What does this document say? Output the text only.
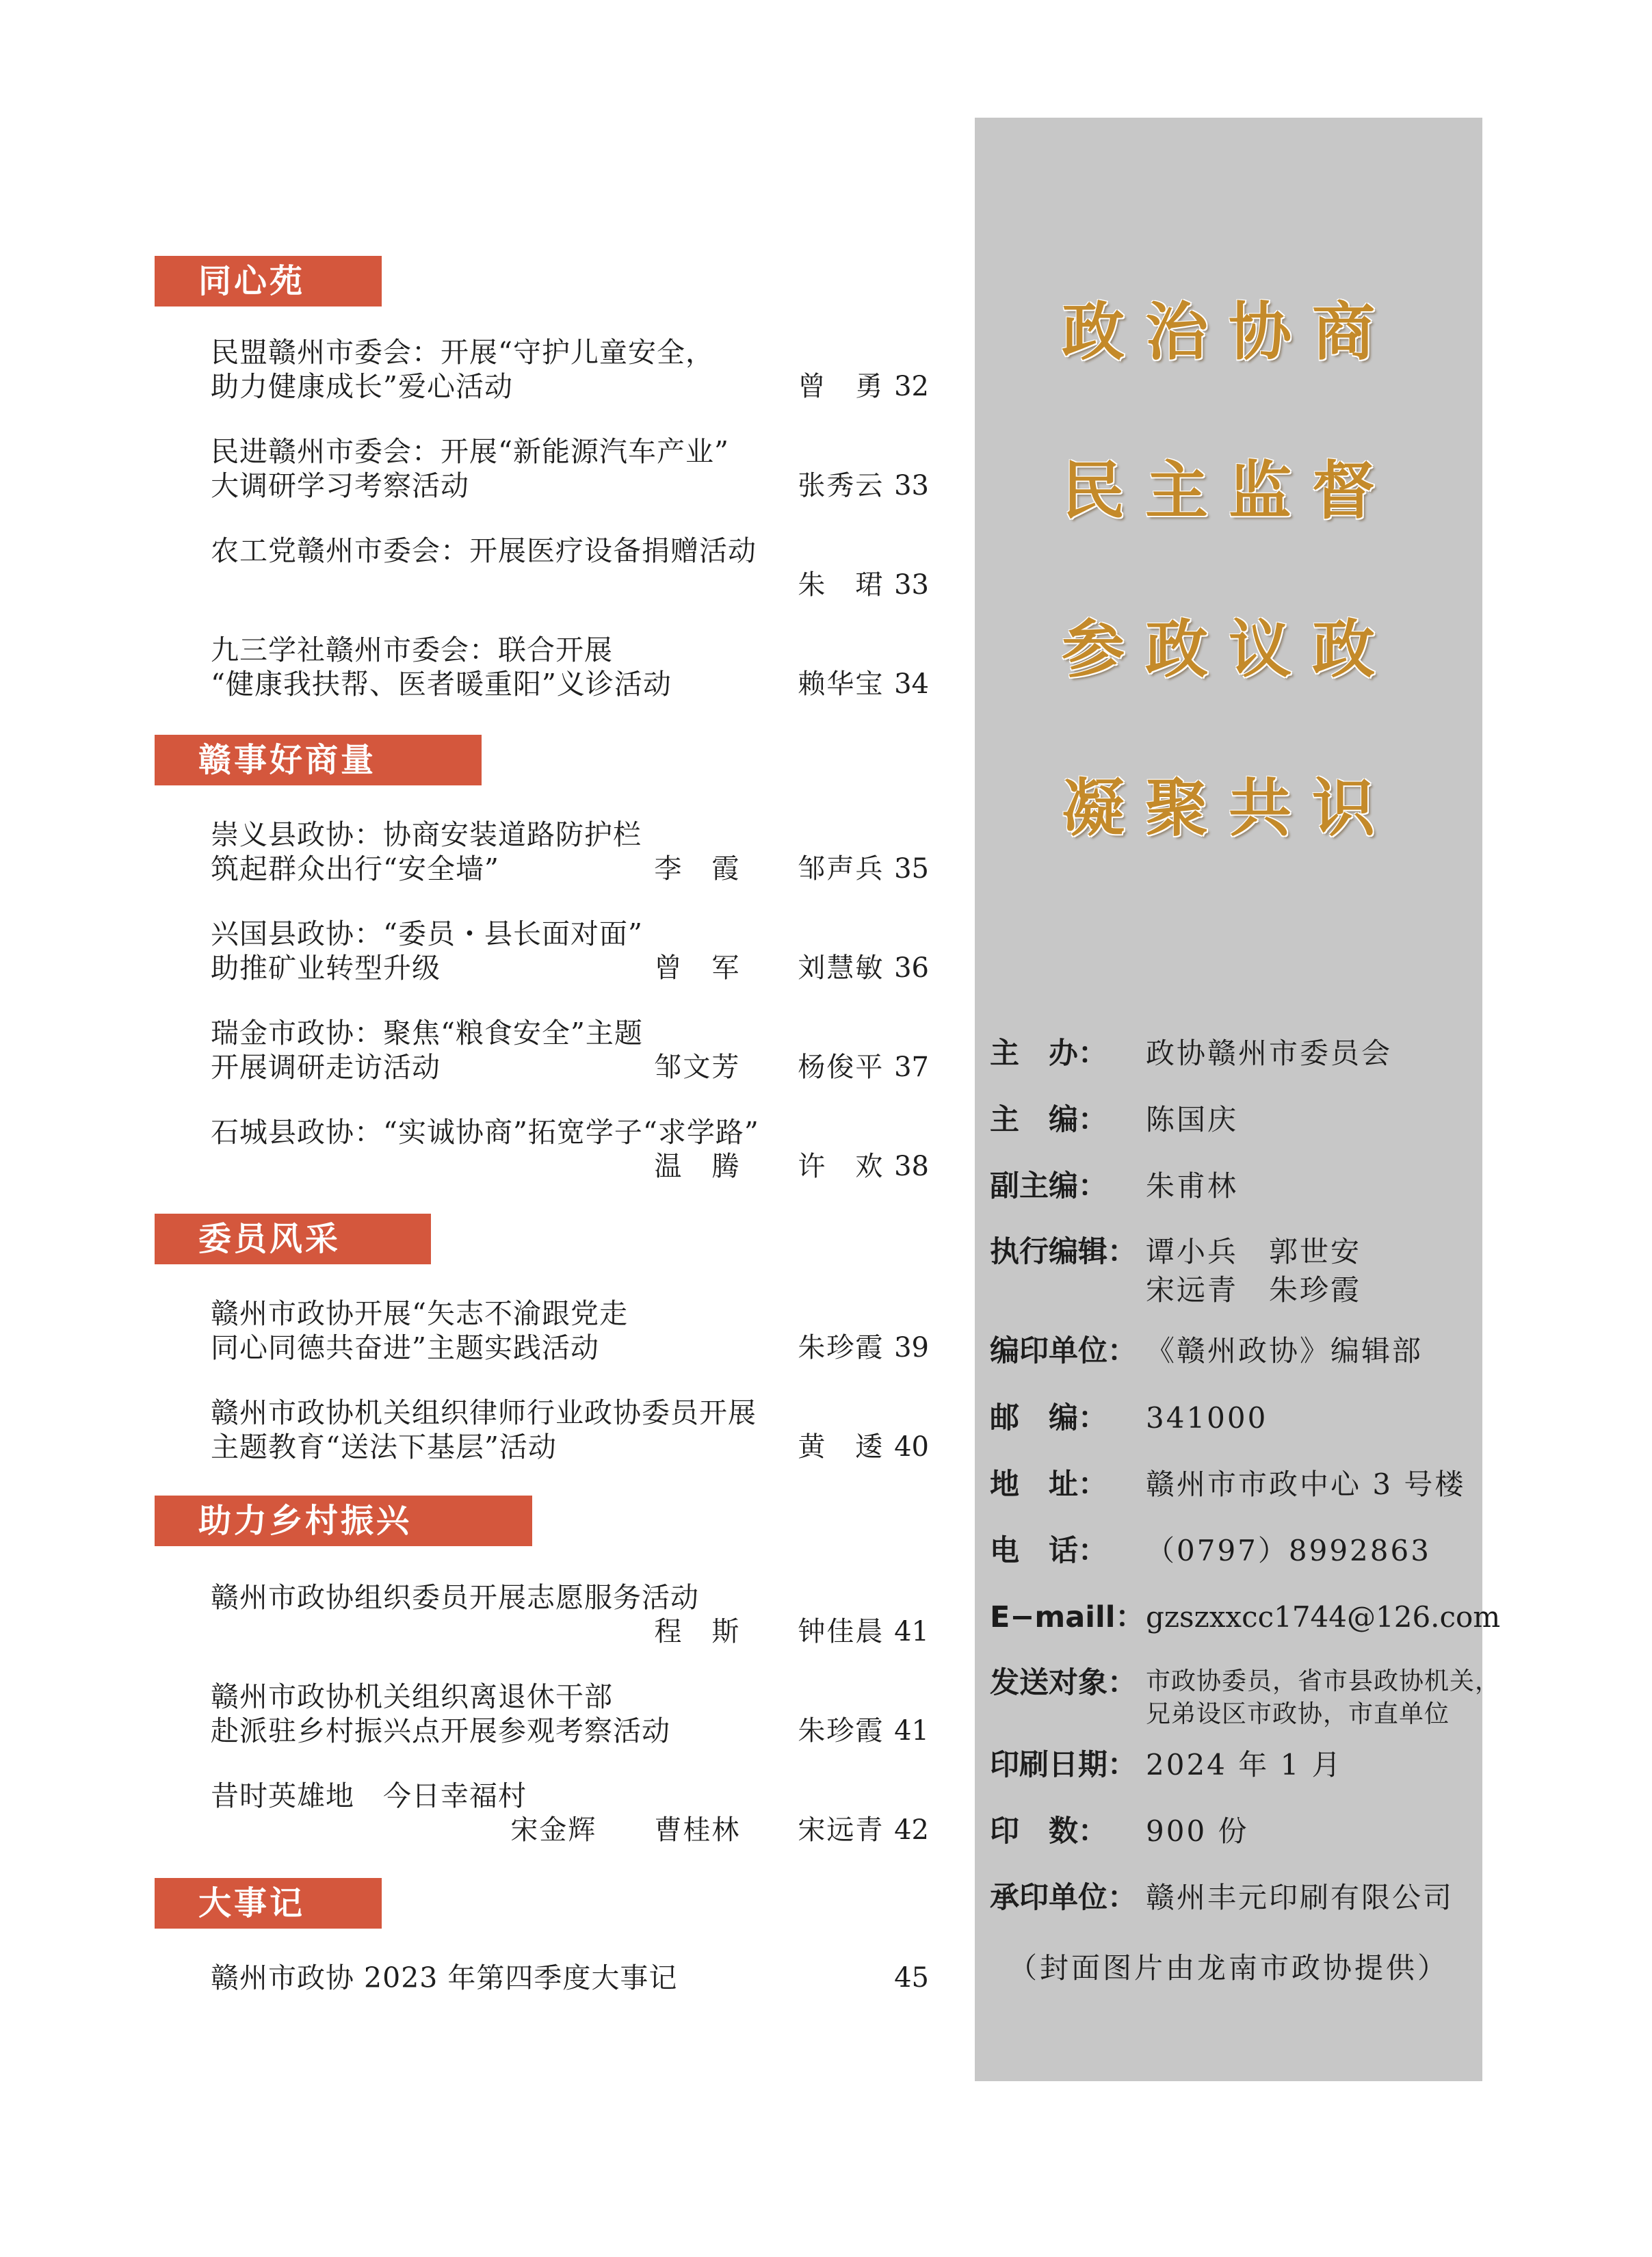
同心苑
民盟赣州市委会：开展“守护儿童安全，
助力健康成长”爱心活动	曾　勇 32
民进赣州市委会：开展“新能源汽车产业”
大调研学习考察活动	张秀云 33
农工党赣州市委会：开展医疗设备捐赠活动
朱　珺 33
九三学社赣州市委会：联合开展
“健康我扶帮、医者暖重阳”义诊活动	赖华宝 34
赣事好商量
崇义县政协：协商安装道路防护栏
筑起群众出行“安全墙”	李　霞　　邹声兵 35
兴国县政协：“委员・县长面对面”
助推矿业转型升级	曾　军　　刘慧敏 36
瑞金市政协：聚焦“粮食安全”主题
开展调研走访活动	邹文芳　　杨俊平 37
石城县政协：“实诚协商”拓宽学子“求学路”
温　腾　　许　欢 38
委员风采
赣州市政协开展“矢志不渝跟党走
同心同德共奋进”主题实践活动	朱珍霞 39
赣州市政协机关组织律师行业政协委员开展
主题教育“送法下基层”活动	黄　逶 40
助力乡村振兴
赣州市政协组织委员开展志愿服务活动
程　斯　　钟佳晨 41
赣州市政协机关组织离退休干部
赴派驻乡村振兴点开展参观考察活动	朱珍霞 41
昔时英雄地　今日幸福村
宋金辉　　曹桂林　　宋远青 42
大事记
赣州市政协 2023 年第四季度大事记	45
政治协商
民主监督
参政议政
凝聚共识
主　办： 政协赣州市委员会
主　编： 陈国庆
副主编： 朱甫林
执行编辑： 谭小兵　郭世安
宋远青　朱珍霞
编印单位： 《赣州政协》编辑部
邮　编： 341000
地　址： 赣州市市政中心 3 号楼
电　话： （0797）8992863
E−maill： gzszxxcc1744@126.com
发送对象： 市政协委员，省市县政协机关，
兄弟设区市政协，市直单位
印刷日期： 2024 年 1 月
印　数： 900 份
承印单位： 赣州丰元印刷有限公司
（封面图片由龙南市政协提供）
